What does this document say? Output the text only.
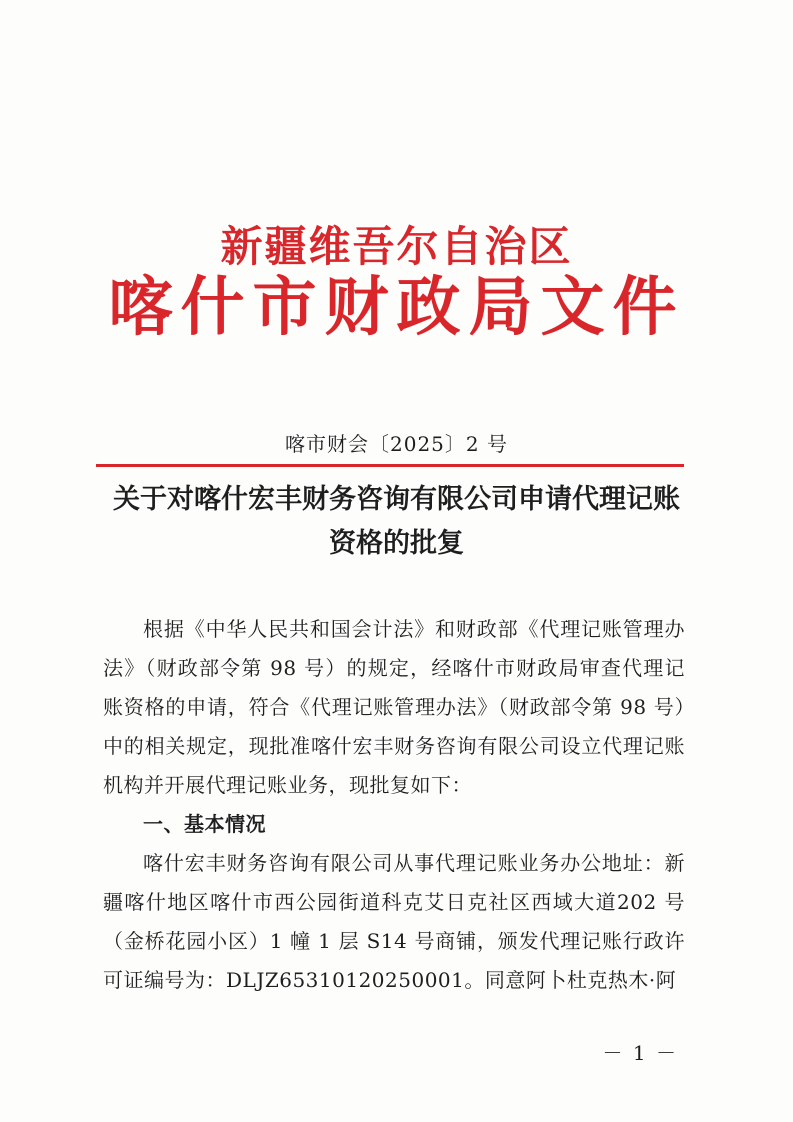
新疆维吾尔自治区
喀什市财政局文件
喀市财会〔2025〕2 号
关于对喀什宏丰财务咨询有限公司申请代理记账
资格的批复

根据《中华人民共和国会计法》和财政部《代理记账管理办法》（财政部令第 98 号）的规定，经喀什市财政局审查代理记账资格的申请，符合《代理记账管理办法》（财政部令第 98 号）中的相关规定，现批准喀什宏丰财务咨询有限公司设立代理记账机构并开展代理记账业务，现批复如下：

一、基本情况

喀什宏丰财务咨询有限公司从事代理记账业务办公地址：新疆喀什地区喀什市西公园街道科克艾日克社区西域大道202 号（金桥花园小区）1 幢 1 层 S14 号商铺，颁发代理记账行政许可证编号为：DLJZ65310120250001。同意阿卜杜克热木·阿

－ 1 －
